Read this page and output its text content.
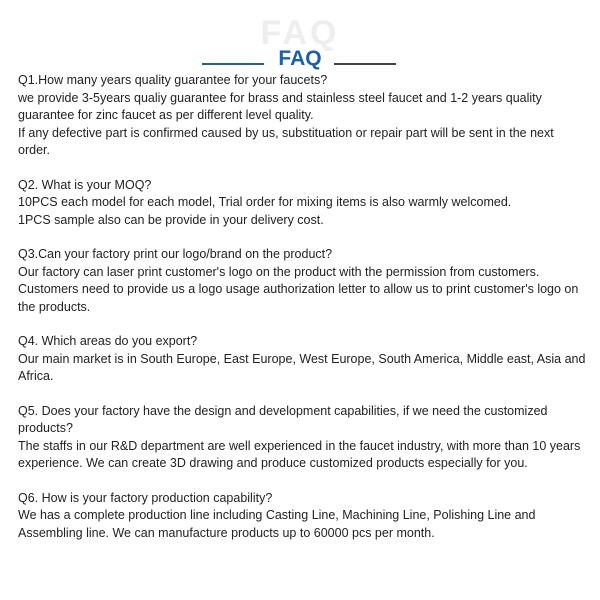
FAQ
FAQ

Q1.How many years quality guarantee for your faucets?

we provide 3-5years qualiy guarantee for brass and stainless steel faucet and 1-2 years quality guarantee for zinc faucet as per different level quality.

If any defective part is confirmed caused by us, substituation or repair part will be sent in the next order.

Q2. What is your MOQ?

10PCS each model for each model, Trial order for mixing items is also warmly welcomed.

1PCS sample also can be provide in your delivery cost.

Q3.Can your factory print our logo/brand on the product?

Our factory can laser print customer's logo on the product with the permission from customers.

Customers need to provide us a logo usage authorization letter to allow us to print customer's logo on the products.

Q4. Which areas do you export?

Our main market is in South Europe, East Europe, West Europe, South America, Middle east, Asia and Africa.

Q5. Does your factory have the design and development capabilities, if we need the customized products?

The staffs in our R&D department are well experienced in the faucet industry, with more than 10 years experience. We can create 3D drawing and produce customized products especially for you.

Q6. How is your factory production capability?

We has a complete production line including Casting Line, Machining Line, Polishing Line and Assembling line. We can manufacture products up to 60000 pcs per month.
